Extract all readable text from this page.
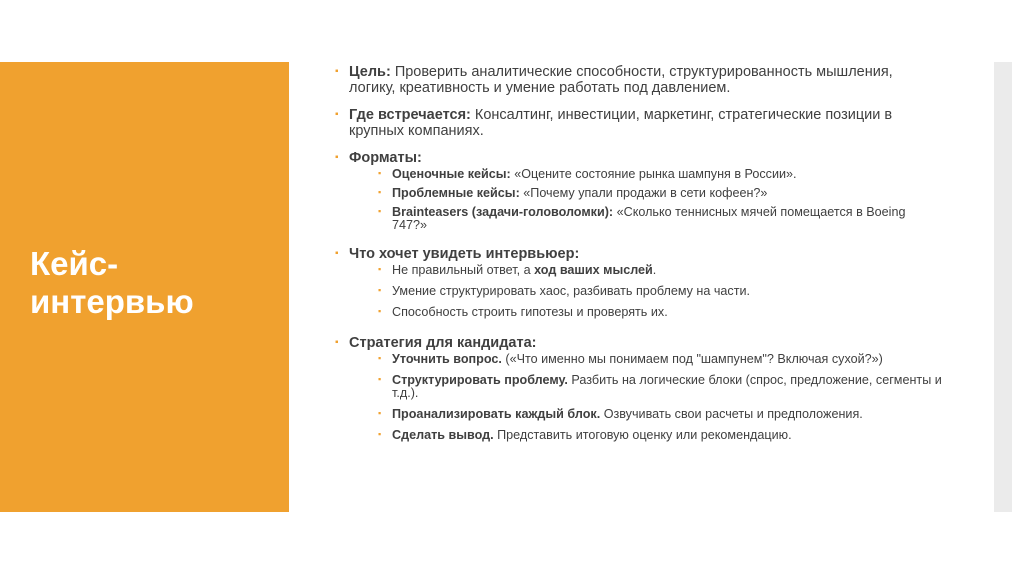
Кейс-
интервью
▪ Цель: Проверить аналитические способности, структурированность мышления, логику, креативность и умение работать под давлением.
▪ Где встречается: Консалтинг, инвестиции, маркетинг, стратегические позиции в крупных компаниях.
▪ Форматы:
▪ Оценочные кейсы: «Оцените состояние рынка шампуня в России».
▪ Проблемные кейсы: «Почему упали продажи в сети кофеен?»
▪ Brainteasers (задачи-головоломки): «Сколько теннисных мячей помещается в Boeing 747?»
▪ Что хочет увидеть интервьюер:
▪ Не правильный ответ, а ход ваших мыслей.
▪ Умение структурировать хаос, разбивать проблему на части.
▪ Способность строить гипотезы и проверять их.
▪ Стратегия для кандидата:
▪ Уточнить вопрос. («Что именно мы понимаем под "шампунем"? Включая сухой?»)
▪ Структурировать проблему. Разбить на логические блоки (спрос, предложение, сегменты и т.д.).
▪ Проанализировать каждый блок. Озвучивать свои расчеты и предположения.
▪ Сделать вывод. Представить итоговую оценку или рекомендацию.
